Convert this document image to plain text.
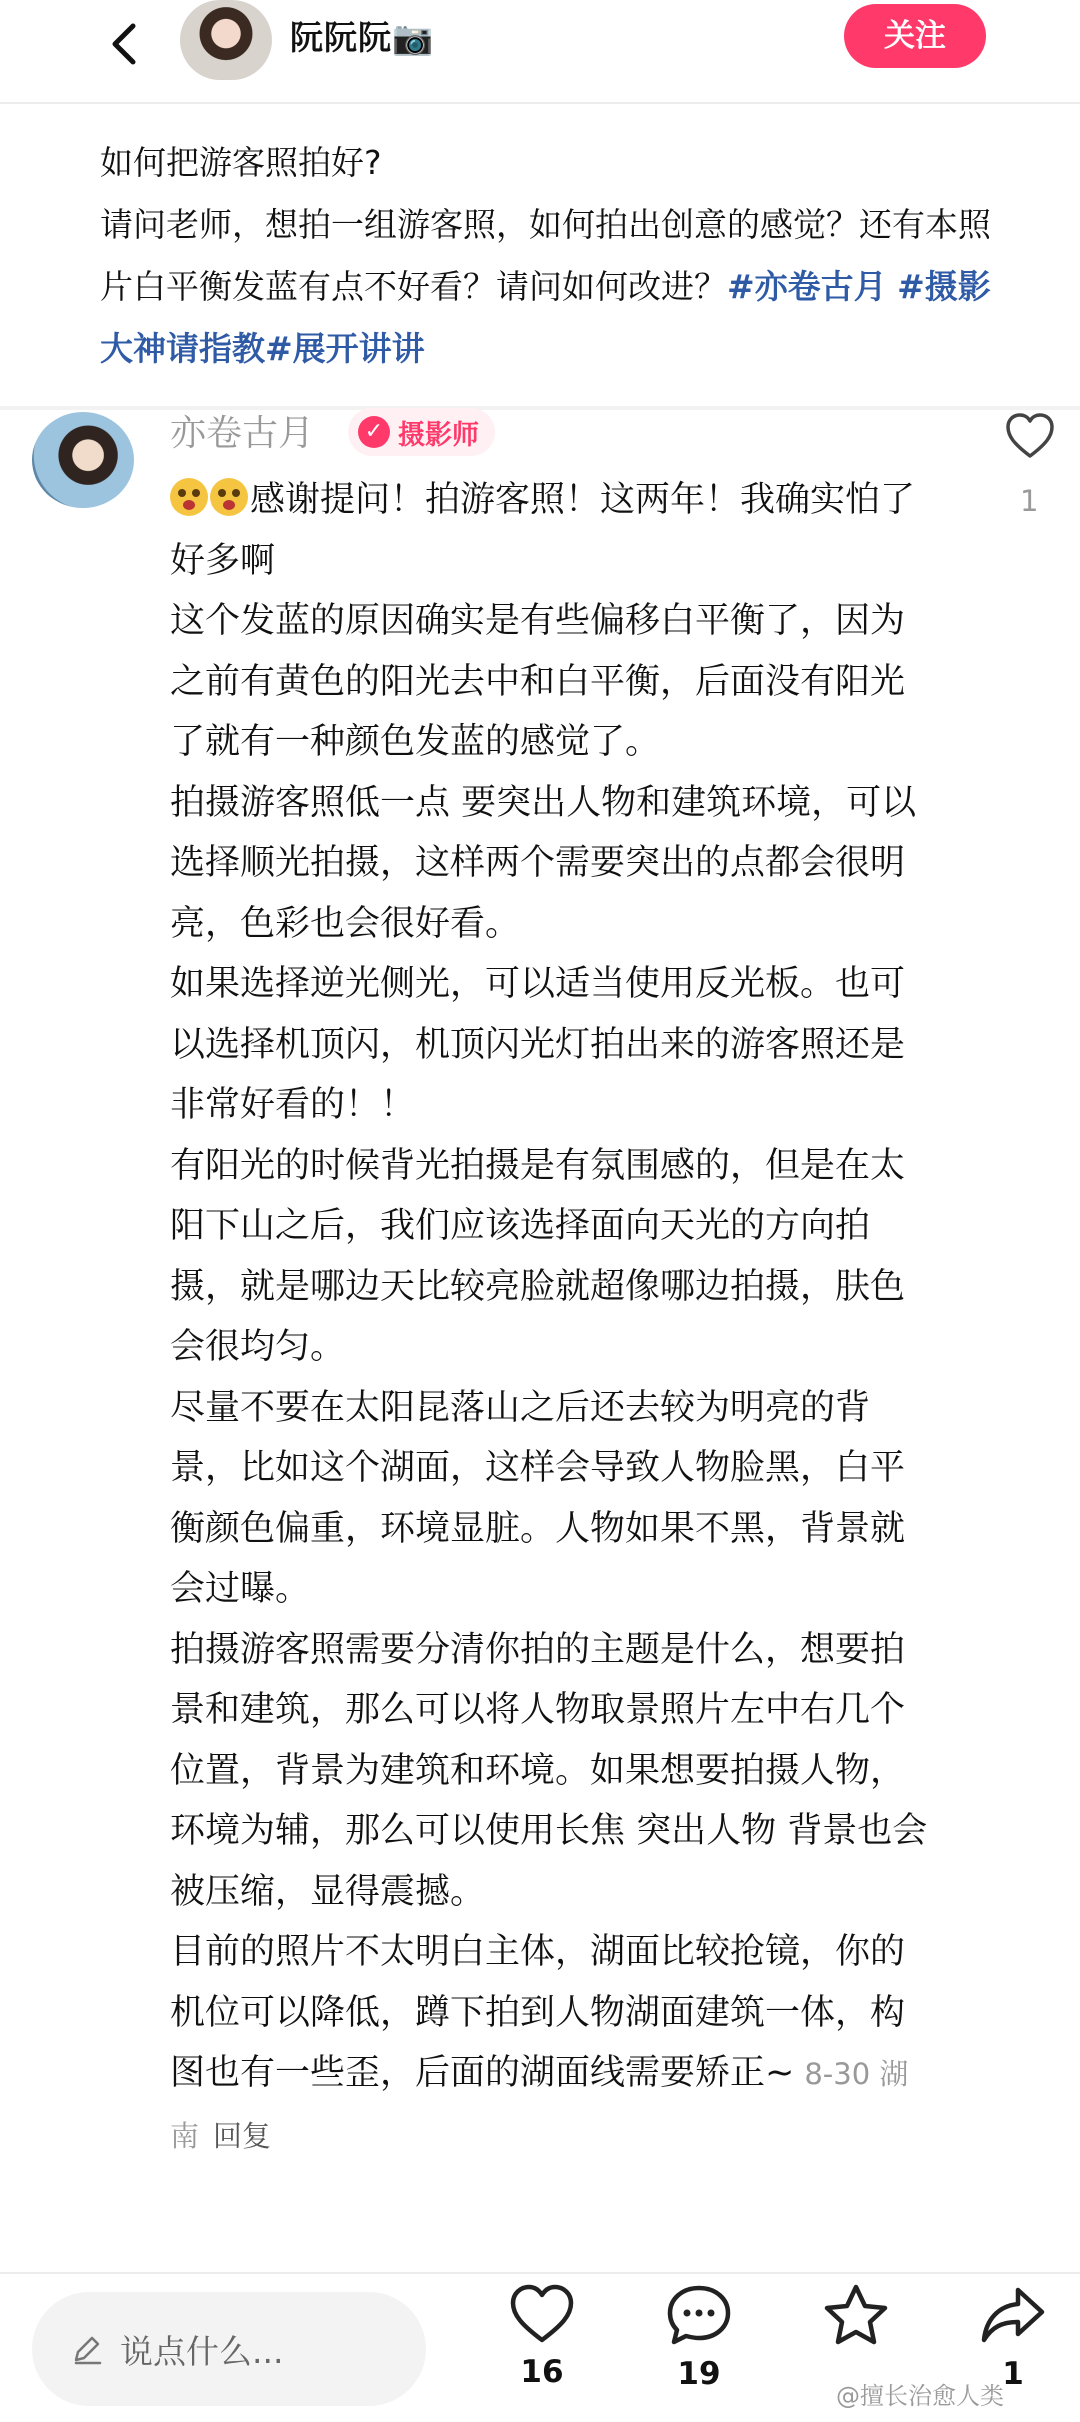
阮阮阮📷	关注
如何把游客照拍好?
请问老师，想拍一组游客照，如何拍出创意的感觉？还有本照片白平衡发蓝有点不好看？请问如何改进？#亦卷古月 #摄影大神请指教#展开讲讲
亦卷古月	✓ 摄影师
1

感谢提问！拍游客照！这两年！我确实怕了好多啊

这个发蓝的原因确实是有些偏移白平衡了，因为之前有黄色的阳光去中和白平衡，后面没有阳光了就有一种颜色发蓝的感觉了。

拍摄游客照低一点 要突出人物和建筑环境，可以选择顺光拍摄，这样两个需要突出的点都会很明亮，色彩也会很好看。

如果选择逆光侧光，可以适当使用反光板。也可以选择机顶闪，机顶闪光灯拍出来的游客照还是非常好看的！！

有阳光的时候背光拍摄是有氛围感的，但是在太阳下山之后，我们应该选择面向天光的方向拍摄，就是哪边天比较亮脸就超像哪边拍摄，肤色会很均匀。

尽量不要在太阳昆落山之后还去较为明亮的背景，比如这个湖面，这样会导致人物脸黑，白平衡颜色偏重，环境显脏。人物如果不黑，背景就会过曝。

拍摄游客照需要分清你拍的主题是什么，想要拍景和建筑，那么可以将人物取景照片左中右几个位置，背景为建筑和环境。如果想要拍摄人物，环境为辅，那么可以使用长焦 突出人物 背景也会被压缩，显得震撼。

目前的照片不太明白主体，湖面比较抢镜，你的机位可以降低，蹲下拍到人物湖面建筑一体，构图也有一些歪，后面的湖面线需要矫正~ 8-30 湖南 回复

说点什么...
16	19	1
@擅长治愈人类
